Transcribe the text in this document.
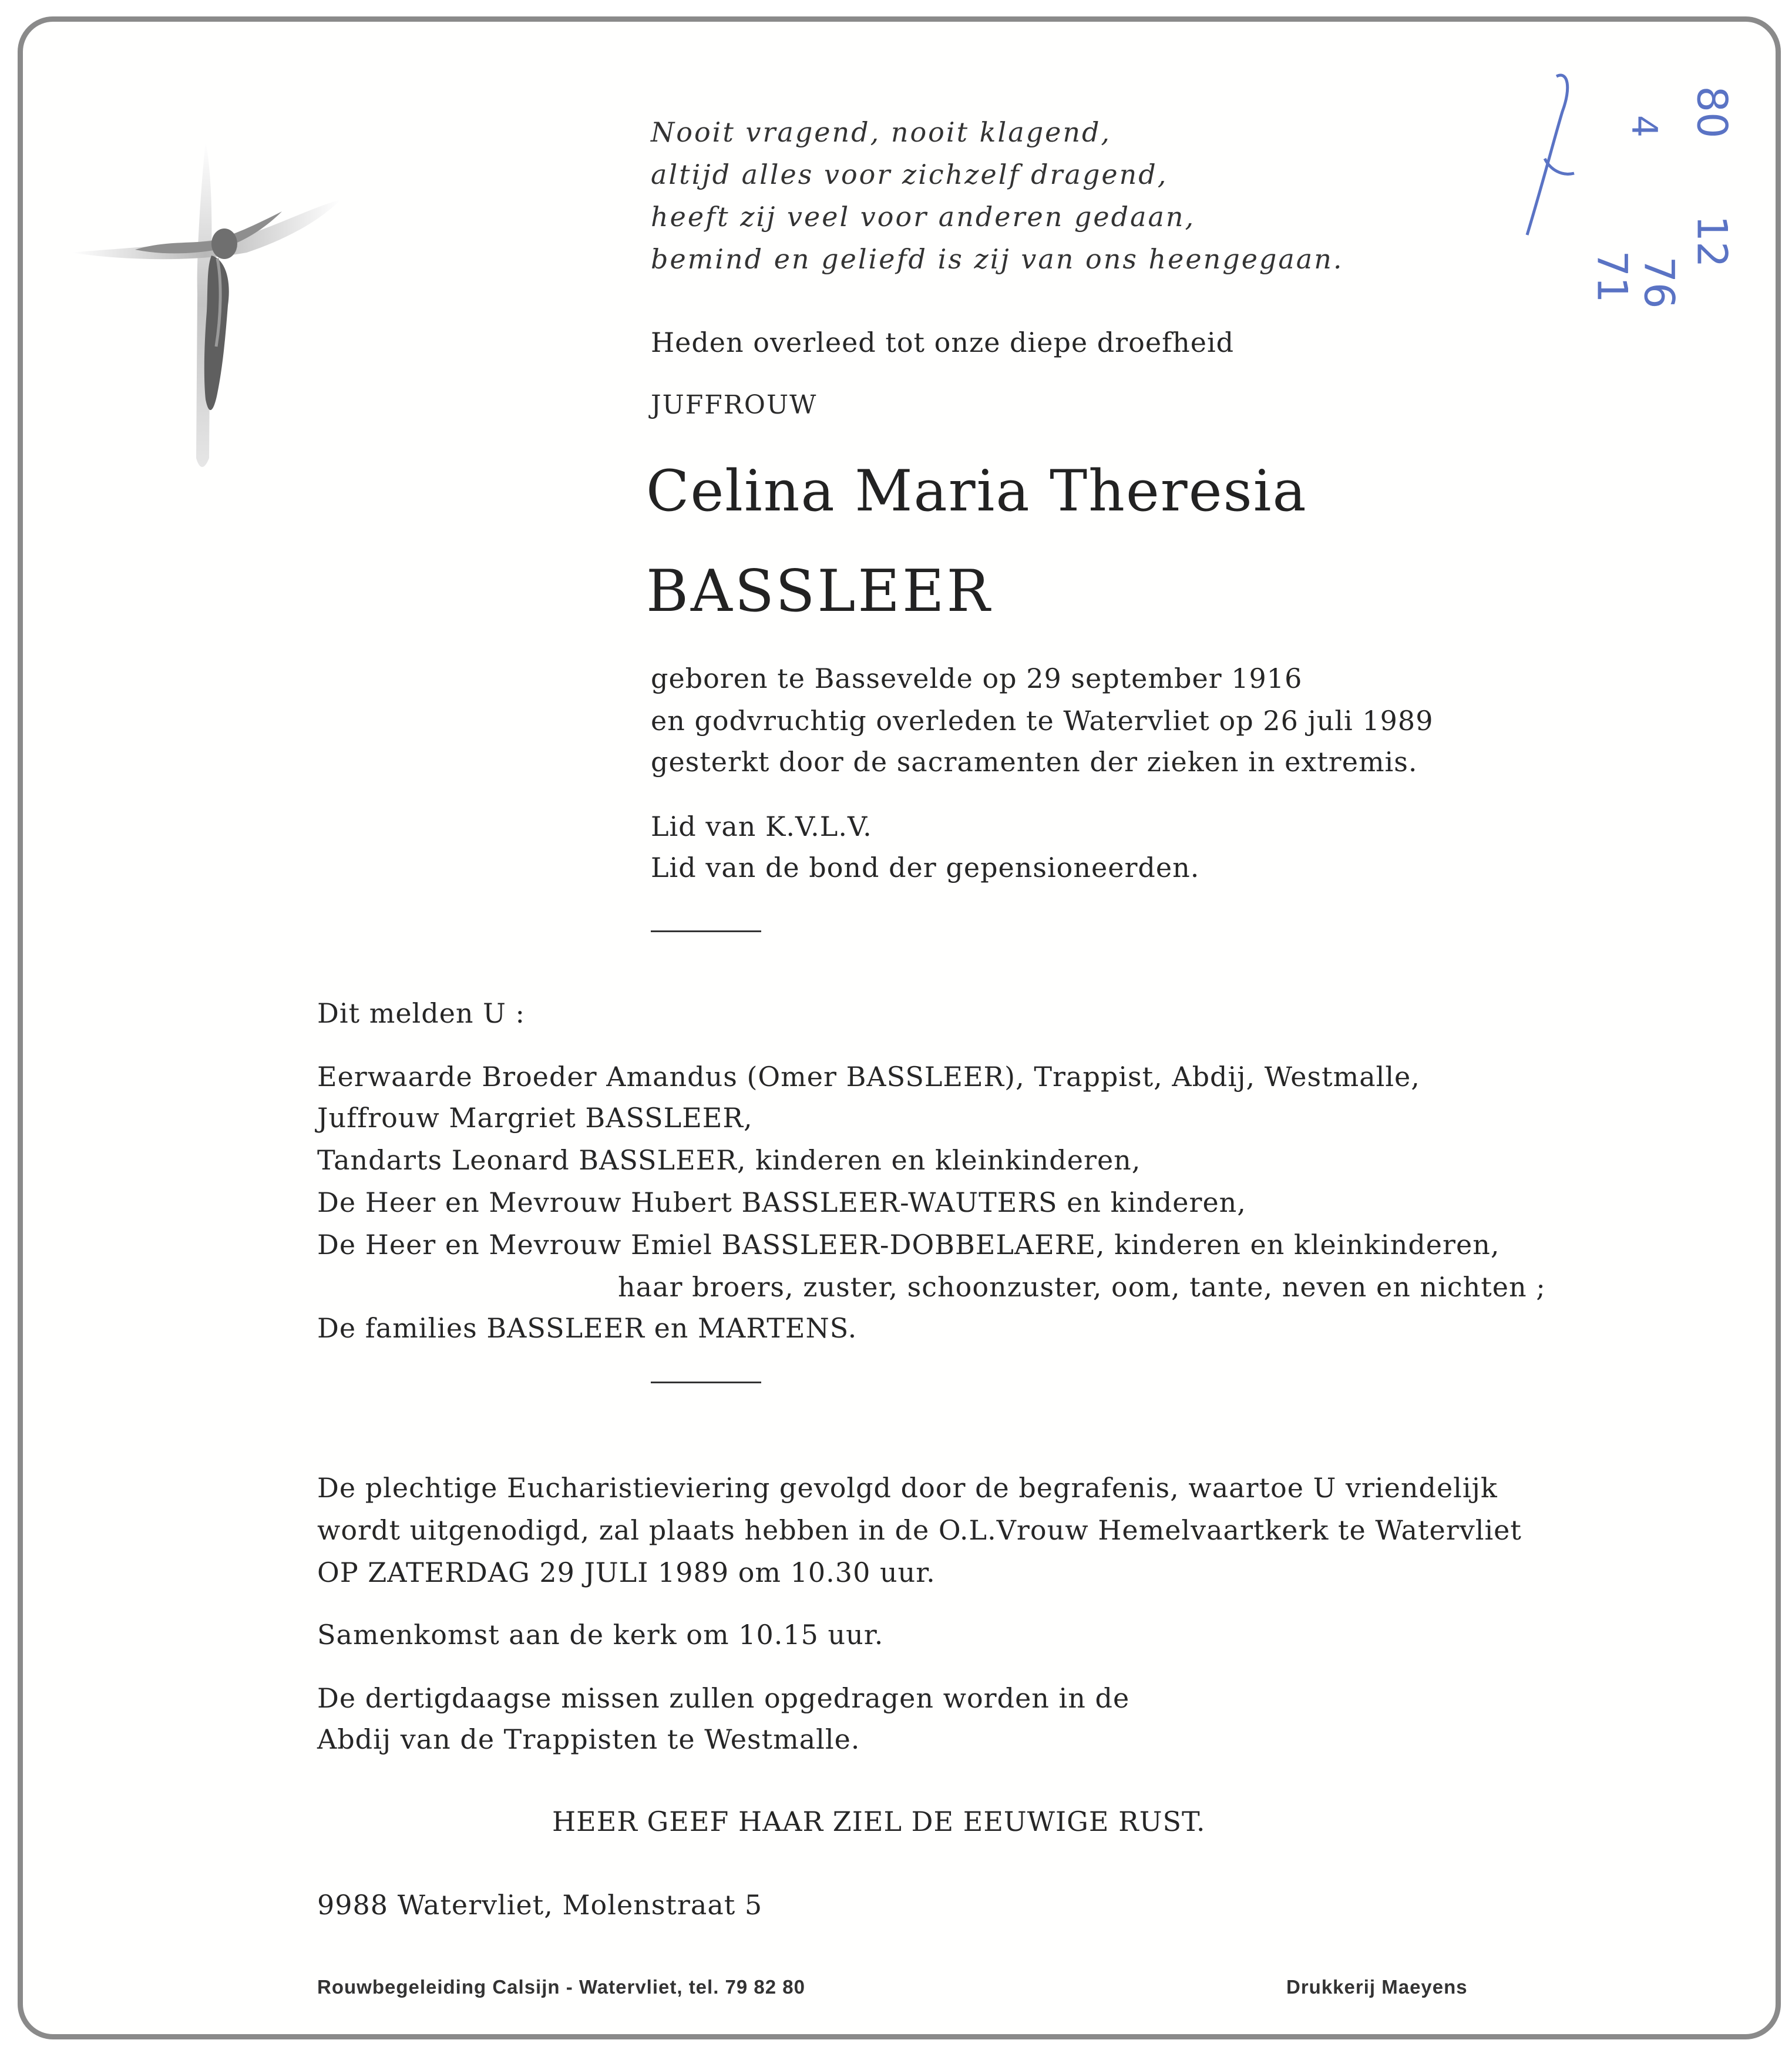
80
4
12
76
71
Nooit vragend, nooit klagend,
altijd alles voor zichzelf dragend,
heeft zij veel voor anderen gedaan,
bemind en geliefd is zij van ons heengegaan.
Heden overleed tot onze diepe droefheid
JUFFROUW
Celina Maria Theresia
BASSLEER
geboren te Bassevelde op 29 september 1916
en godvruchtig overleden te Watervliet op 26 juli 1989
gesterkt door de sacramenten der zieken in extremis.
Lid van K.V.L.V.
Lid van de bond der gepensioneerden.
Dit melden U :
Eerwaarde Broeder Amandus (Omer BASSLEER), Trappist, Abdij, Westmalle,
Juffrouw Margriet BASSLEER,
Tandarts Leonard BASSLEER, kinderen en kleinkinderen,
De Heer en Mevrouw Hubert BASSLEER-WAUTERS en kinderen,
De Heer en Mevrouw Emiel BASSLEER-DOBBELAERE, kinderen en kleinkinderen,
haar broers, zuster, schoonzuster, oom, tante, neven en nichten ;
De families BASSLEER en MARTENS.
De plechtige Eucharistieviering gevolgd door de begrafenis, waartoe U vriendelijk
wordt uitgenodigd, zal plaats hebben in de O.L.Vrouw Hemelvaartkerk te Watervliet
OP ZATERDAG 29 JULI 1989 om 10.30 uur.
Samenkomst aan de kerk om 10.15 uur.
De dertigdaagse missen zullen opgedragen worden in de
Abdij van de Trappisten te Westmalle.
HEER GEEF HAAR ZIEL DE EEUWIGE RUST.
9988 Watervliet, Molenstraat 5
Rouwbegeleiding Calsijn - Watervliet, tel. 79 82 80	Drukkerij Maeyens
